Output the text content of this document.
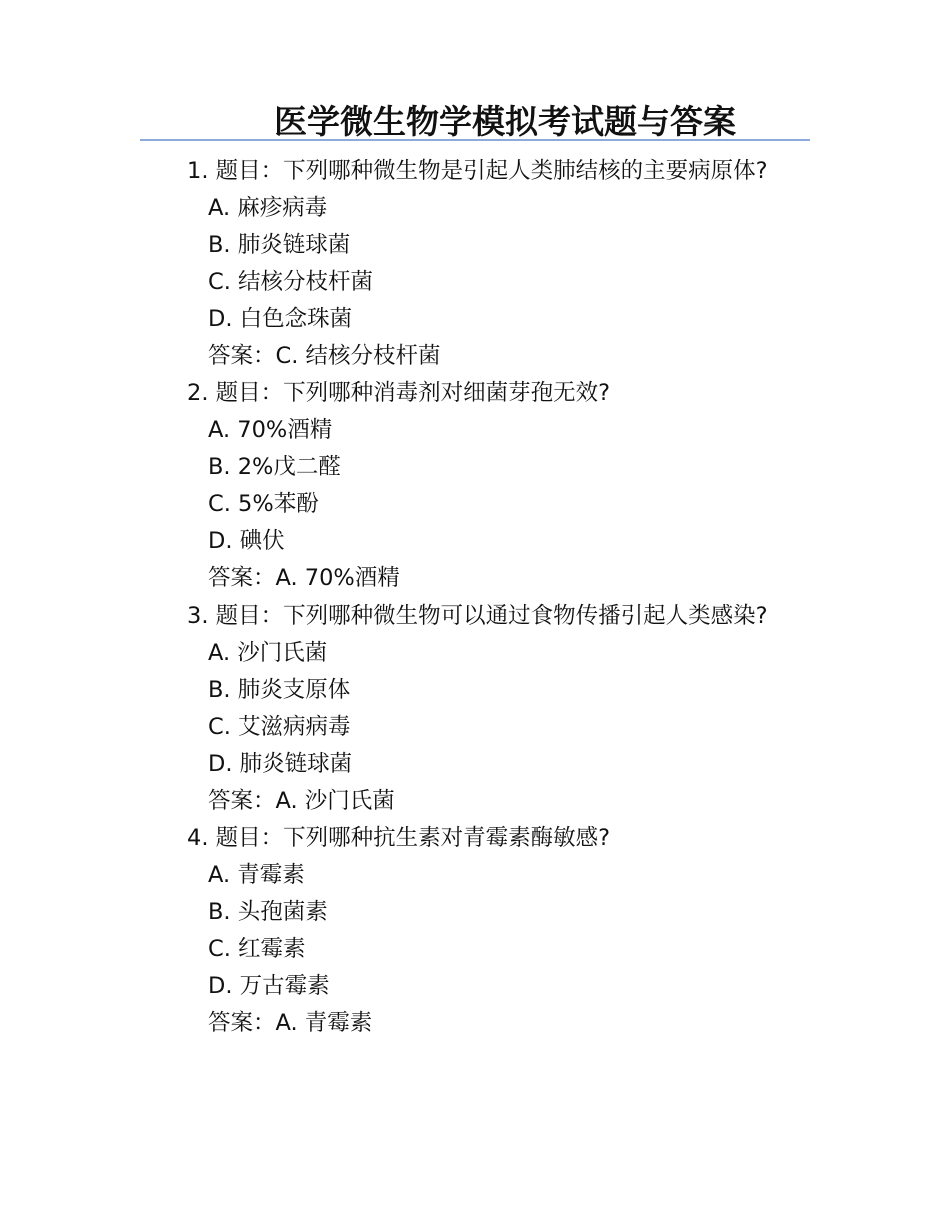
医学微生物学模拟考试题与答案

1. 题目：下列哪种微生物是引起人类肺结核的主要病原体?

A. 麻疹病毒

B. 肺炎链球菌

C. 结核分枝杆菌

D. 白色念珠菌

答案：C. 结核分枝杆菌

2. 题目：下列哪种消毒剂对细菌芽孢无效?

A. 70%酒精

B. 2%戊二醛

C. 5%苯酚

D. 碘伏

答案：A. 70%酒精

3. 题目：下列哪种微生物可以通过食物传播引起人类感染?

A. 沙门氏菌

B. 肺炎支原体

C. 艾滋病病毒

D. 肺炎链球菌

答案：A. 沙门氏菌

4. 题目：下列哪种抗生素对青霉素酶敏感?

A. 青霉素

B. 头孢菌素

C. 红霉素

D. 万古霉素

答案：A. 青霉素
